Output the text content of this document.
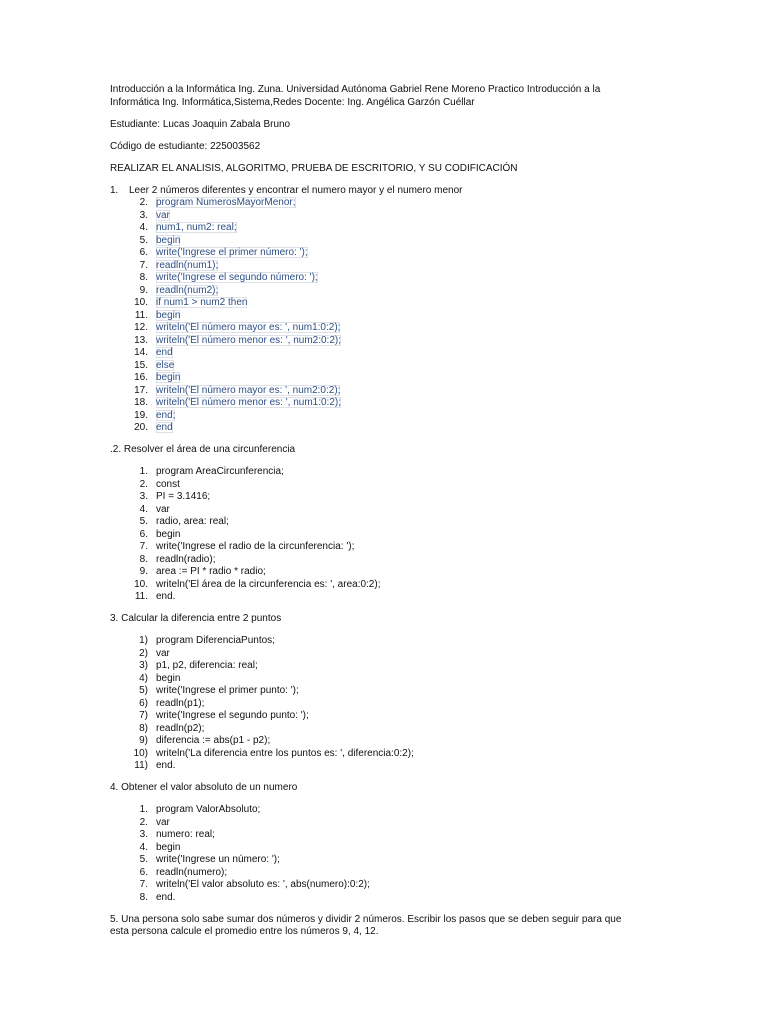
Introducción a la Informática Ing. Zuna. Universidad Autónoma Gabriel Rene Moreno Practico Introducción a la Informática Ing. Informática,Sistema,Redes Docente: Ing. Angélica Garzón Cuéllar

Estudiante: Lucas Joaquin Zabala Bruno

Código de estudiante: 225003562

REALIZAR EL ANALISIS, ALGORITMO, PRUEBA DE ESCRITORIO, Y SU CODIFICACIÓN

1. Leer 2 números diferentes y encontrar el numero mayor y el numero menor
2. program NumerosMayorMenor;
3. var
4. num1, num2: real;
5. begin
6. write('Ingrese el primer número: ');
7. readln(num1);
8. write('Ingrese el segundo número: ');
9. readln(num2);
10. if num1 > num2 then
11. begin
12. writeln('El número mayor es: ', num1:0:2);
13. writeln('El número menor es: ', num2:0:2);
14. end
15. else
16. begin
17. writeln('El número mayor es: ', num2:0:2);
18. writeln('El número menor es: ', num1:0:2);
19. end;
20. end

.2. Resolver el área de una circunferencia

1. program AreaCircunferencia;
2. const
3. PI = 3.1416;
4. var
5. radio, area: real;
6. begin
7. write('Ingrese el radio de la circunferencia: ');
8. readln(radio);
9. area := PI * radio * radio;
10. writeln('El área de la circunferencia es: ', area:0:2);
11. end.

3. Calcular la diferencia entre 2 puntos

1) program DiferenciaPuntos;
2) var
3) p1, p2, diferencia: real;
4) begin
5) write('Ingrese el primer punto: ');
6) readln(p1);
7) write('Ingrese el segundo punto: ');
8) readln(p2);
9) diferencia := abs(p1 - p2);
10) writeln('La diferencia entre los puntos es: ', diferencia:0:2);
11) end.

4. Obtener el valor absoluto de un numero

1. program ValorAbsoluto;
2. var
3. numero: real;
4. begin
5. write('Ingrese un número: ');
6. readln(numero);
7. writeln('El valor absoluto es: ', abs(numero):0:2);
8. end.

5. Una persona solo sabe sumar dos números y dividir 2 números. Escribir los pasos que se deben seguir para que esta persona calcule el promedio entre los números 9, 4, 12.
